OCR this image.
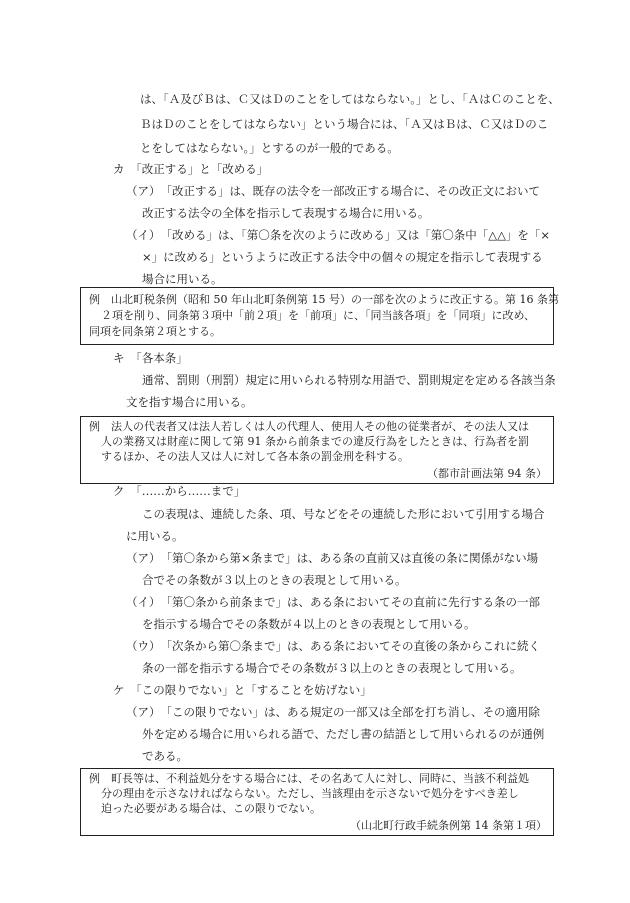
は、「Ａ及びＢは、Ｃ又はＤのことをしてはならない。」とし、「ＡはＣのことを、
ＢはＤのことをしてはならない」という場合には、「Ａ又はＢは、Ｃ又はＤのこ
とをしてはならない。」とするのが一般的である。
カ　「改正する」と「改める」
（ア）　「改正する」は、既存の法令を一部改正する場合に、その改正文において
改正する法令の全体を指示して表現する場合に用いる。
（イ）　「改める」は、「第〇条を次のように改める」又は「第〇条中「△△」を「×
×」に改める」というように改正する法令中の個々の規定を指示して表現する
場合に用いる。
例　山北町税条例（昭和 50 年山北町条例第 15 号）の一部を次のように改正する。第 16 条第
２項を削り、同条第３項中「前２項」を「前項」に、「同当該各項」を「同項」に改め、
同項を同条第２項とする。
キ　「各本条」
通常、罰則（刑罰）規定に用いられる特別な用語で、罰則規定を定める各該当条
文を指す場合に用いる。
例　法人の代表者又は法人若しくは人の代理人、使用人その他の従業者が、その法人又は
人の業務又は財産に関して第 91 条から前条までの違反行為をしたときは、行為者を罰
するほか、その法人又は人に対して各本条の罰金刑を科する。
（都市計画法第 94 条）
ク　「……から……まで」
この表現は、連続した条、項、号などをその連続した形において引用する場合
に用いる。
（ア）　「第〇条から第×条まで」は、ある条の直前又は直後の条に関係がない場
合でその条数が３以上のときの表現として用いる。
（イ）　「第〇条から前条まで」は、ある条においてその直前に先行する条の一部
を指示する場合でその条数が４以上のときの表現として用いる。
（ウ）　「次条から第〇条まで」は、ある条においてその直後の条からこれに続く
条の一部を指示する場合でその条数が３以上のときの表現として用いる。
ケ　「この限りでない」と「することを妨げない」
（ア）　「この限りでない」は、ある規定の一部又は全部を打ち消し、その適用除
外を定める場合に用いられる語で、ただし書の結語として用いられるのが通例
である。
例　町長等は、不利益処分をする場合には、その名あて人に対し、同時に、当該不利益処
分の理由を示さなければならない。ただし、当該理由を示さないで処分をすべき差し
迫った必要がある場合は、この限りでない。
（山北町行政手続条例第 14 条第１項）
